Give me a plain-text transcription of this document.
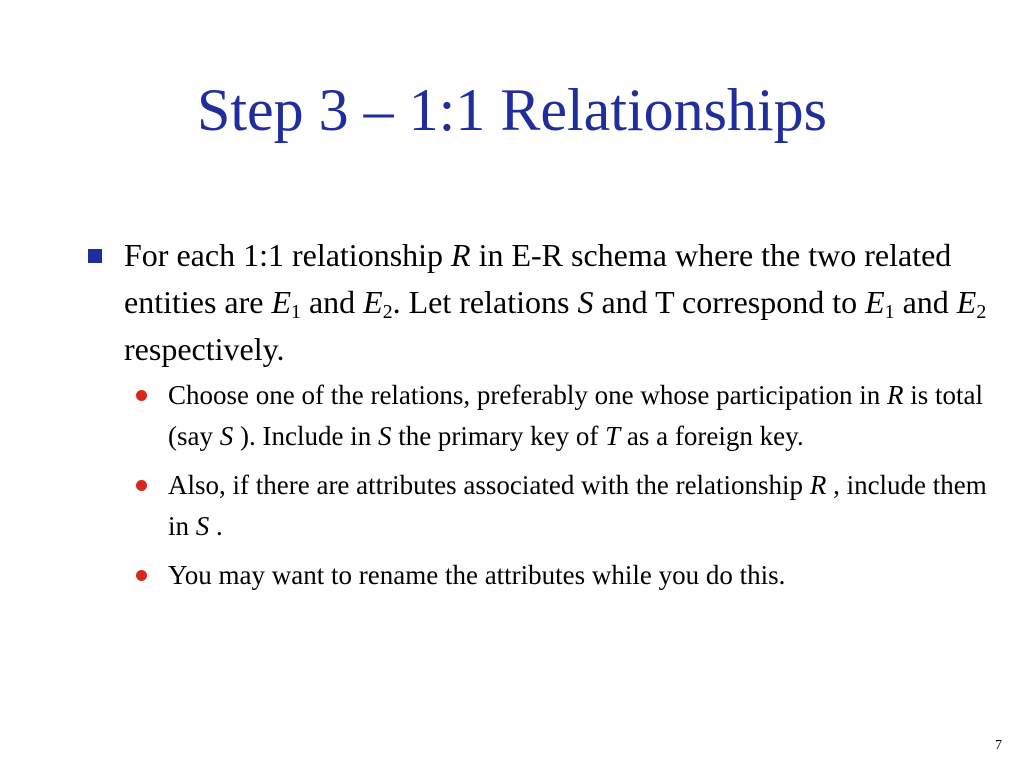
Step 3 – 1:1 Relationships
For each 1:1 relationship R in E-R schema where the two related entities are $E_1$ and $E_2$. Let relations S and T correspond to $E_1$ and $E_2$ respectively.
Choose one of the relations, preferably one whose participation in R is total (say S ). Include in S the primary key of T as a foreign key.
Also, if there are attributes associated with the relationship R , include them in S .
You may want to rename the attributes while you do this.
7
